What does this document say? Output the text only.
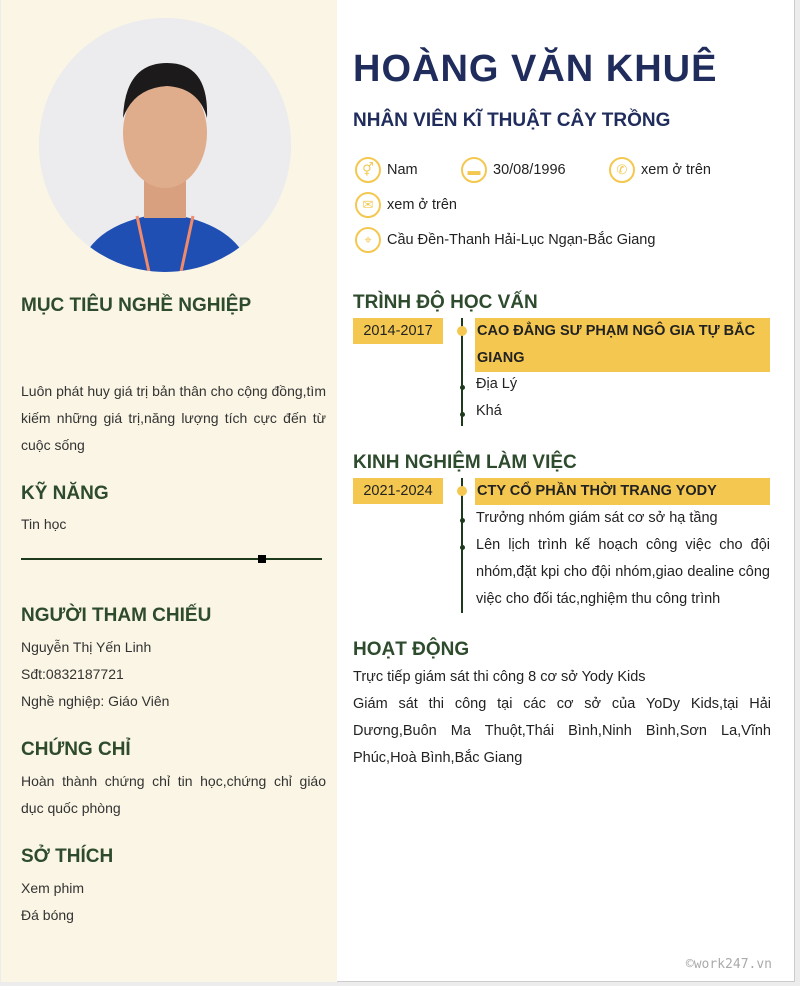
MỤC TIÊU NGHỀ NGHIỆP
Luôn phát huy giá trị bản thân cho cộng đồng,tìm kiếm những giá trị,năng lượng tích cực đến từ cuộc sống
KỸ NĂNG
Tin học
NGƯỜI THAM CHIẾU
Nguyễn Thị Yến Linh
Sđt:0832187721
Nghề nghiệp: Giáo Viên
CHỨNG CHỈ
Hoàn thành chứng chỉ tin học,chứng chỉ giáo dục quốc phòng
SỞ THÍCH
Xem phim
Đá bóng
HOÀNG VĂN KHUÊ
NHÂN VIÊN KĨ THUẬT CÂY TRỒNG
⚥ Nam	▬ 30/08/1996	✆ xem ở trên
✉ xem ở trên
⌖	Cầu Đền-Thanh Hải-Lục Ngạn-Bắc Giang
TRÌNH ĐỘ HỌC VẤN
2014-2017	CAO ĐẲNG SƯ PHẠM NGÔ GIA TỰ BẮC GIANG
Địa Lý
Khá
KINH NGHIỆM LÀM VIỆC
2021-2024	CTY CỔ PHẦN THỜI TRANG YODY
Trưởng nhóm giám sát cơ sở hạ tầng
Lên lịch trình kế hoạch công việc cho đội nhóm,đặt kpi cho đội nhóm,giao dealine công việc cho đối tác,nghiệm thu công trình
HOẠT ĐỘNG
Trực tiếp giám sát thi công 8 cơ sở Yody Kids
Giám sát thi công tại các cơ sở của YoDy Kids,tại Hải Dương,Buôn Ma Thuột,Thái Bình,Ninh Bình,Sơn La,Vĩnh Phúc,Hoà Bình,Bắc Giang
©work247.vn
